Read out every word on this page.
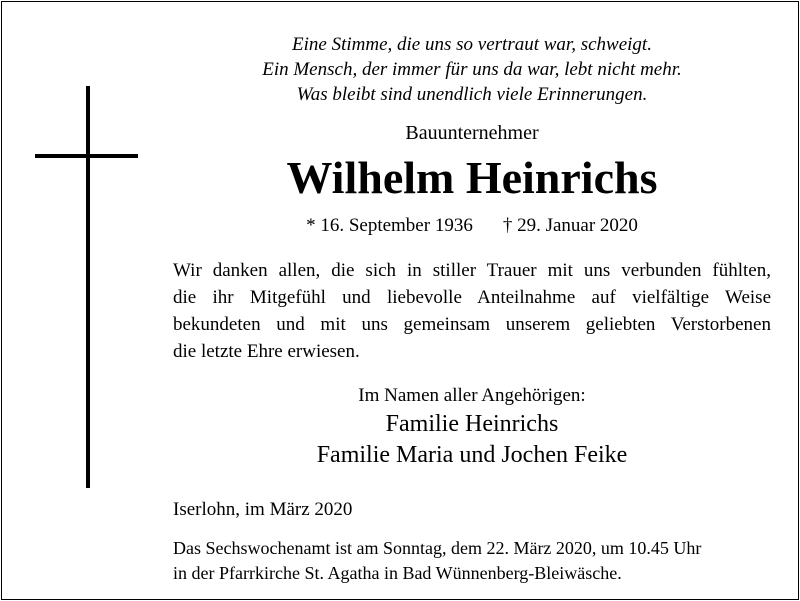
Eine Stimme, die uns so vertraut war, schweigt.
Ein Mensch, der immer für uns da war, lebt nicht mehr.
Was bleibt sind unendlich viele Erinnerungen.
Bauunternehmer
Wilhelm Heinrichs
* 16. September 1936 † 29. Januar 2020
Wir danken allen, die sich in stiller Trauer mit uns verbunden fühlten,
die ihr Mitgefühl und liebevolle Anteilnahme auf vielfältige Weise
bekundeten und mit uns gemeinsam unserem geliebten Verstorbenen
die letzte Ehre erwiesen.
Im Namen aller Angehörigen:
Familie Heinrichs
Familie Maria und Jochen Feike
Iserlohn, im März 2020
Das Sechswochenamt ist am Sonntag, dem 22. März 2020, um 10.45 Uhr
in der Pfarrkirche St. Agatha in Bad Wünnenberg-Bleiwäsche.
